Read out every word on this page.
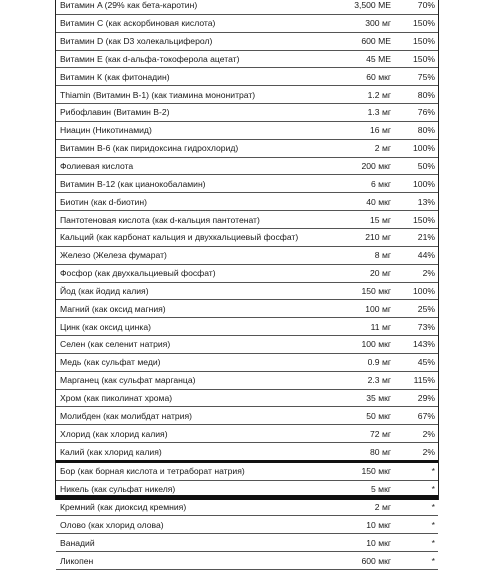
Витамин A (29% как бета-каротин)	3,500 МЕ	70%
Витамин C (как аскорбиновая кислота)	300 мг	150%
Витамин D (как D3 холекальциферол)	600 МЕ	150%
Витамин E (как d-альфа-токоферола ацетат)	45 МЕ	150%
Витамин К (как фитонадин)	60 мкг	75%
Thiamin (Витамин B-1) (как тиамина мононитрат)	1.2 мг	80%
Рибофлавин (Витамин B-2)	1.3 мг	76%
Ниацин (Никотинамид)	16 мг	80%
Витамин B-6 (как пиридоксина гидрохлорид)	2 мг	100%
Фолиевая кислота	200 мкг	50%
Витамин B-12 (как цианокобаламин)	6 мкг	100%
Биотин (как d-биотин)	40 мкг	13%
Пантотеновая кислота (как d-кальция пантотенат)	15 мг	150%
Кальций (как карбонат кальция и двухкальциевый фосфат)	210 мг	21%
Железо (Железа фумарат)	8 мг	44%
Фосфор (как двухкальциевый фосфат)	20 мг	2%
Йод (как йодид калия)	150 мкг	100%
Магний (как оксид магния)	100 мг	25%
Цинк (как оксид цинка)	11 мг	73%
Селен (как селенит натрия)	100 мкг	143%
Медь (как сульфат меди)	0.9 мг	45%
Марганец (как сульфат марганца)	2.3 мг	115%
Хром (как пиколинат хрома)	35 мкг	29%
Молибден (как молибдат натрия)	50 мкг	67%
Хлорид (как хлорид калия)	72 мг	2%
Калий (как хлорид калия)	80 мг	2%
Бор (как борная кислота и тетраборат натрия)	150 мкг	*
Никель (как сульфат никеля)	5 мкг	*
Кремний (как диоксид кремния)	2 мг	*
Олово (как хлорид олова)	10 мкг	*
Ванадий	10 мкг	*
Ликопен	600 мкг	*
